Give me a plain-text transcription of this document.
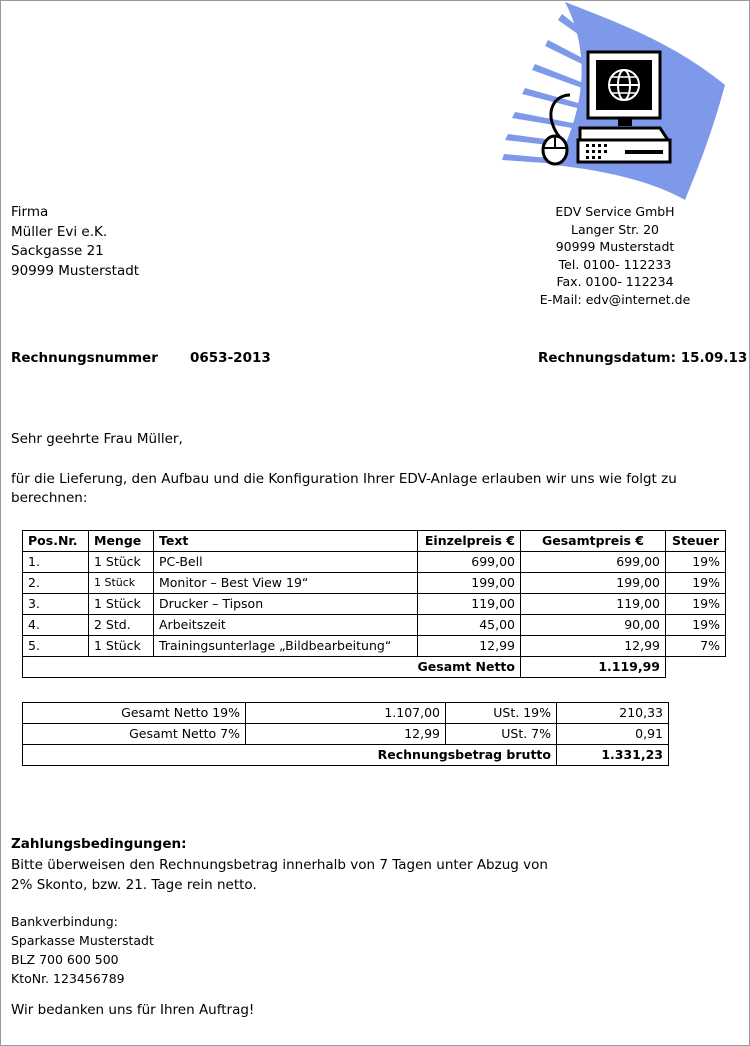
Firma
Müller Evi e.K.
Sackgasse 21
90999 Musterstadt
EDV Service GmbH
Langer Str. 20
90999 Musterstadt
Tel. 0100- 112233
Fax. 0100- 112234
E-Mail: edv@internet.de
Rechnungsnummer 0653-2013	Rechnungsdatum: 15.09.13
Sehr geehrte Frau Müller,
für die Lieferung, den Aufbau und die Konfiguration Ihrer EDV-Anlage erlauben wir uns wie folgt zu berechnen:
Pos.Nr.	Menge	Text	Einzelpreis €	Gesamtpreis €	Steuer
1.	1 Stück	PC-Bell	699,00	699,00	19%
2.	1 Stück	Monitor – Best View 19“	199,00	199,00	19%
3.	1 Stück	Drucker – Tipson	119,00	119,00	19%
4.	2 Std.	Arbeitszeit	45,00	90,00	19%
5.	1 Stück	Trainingsunterlage „Bildbearbeitung“	12,99	12,99	7%
Gesamt Netto				1.119,99	
Gesamt Netto 19%	1.107,00	USt. 19%	210,33
Gesamt Netto 7%	12,99	USt. 7%	0,91
Rechnungsbetrag brutto			1.331,23
Zahlungsbedingungen:
Bitte überweisen den Rechnungsbetrag innerhalb von 7 Tagen unter Abzug von
2% Skonto, bzw. 21. Tage rein netto.
Bankverbindung:
Sparkasse Musterstadt
BLZ 700 600 500
KtoNr. 123456789
Wir bedanken uns für Ihren Auftrag!
